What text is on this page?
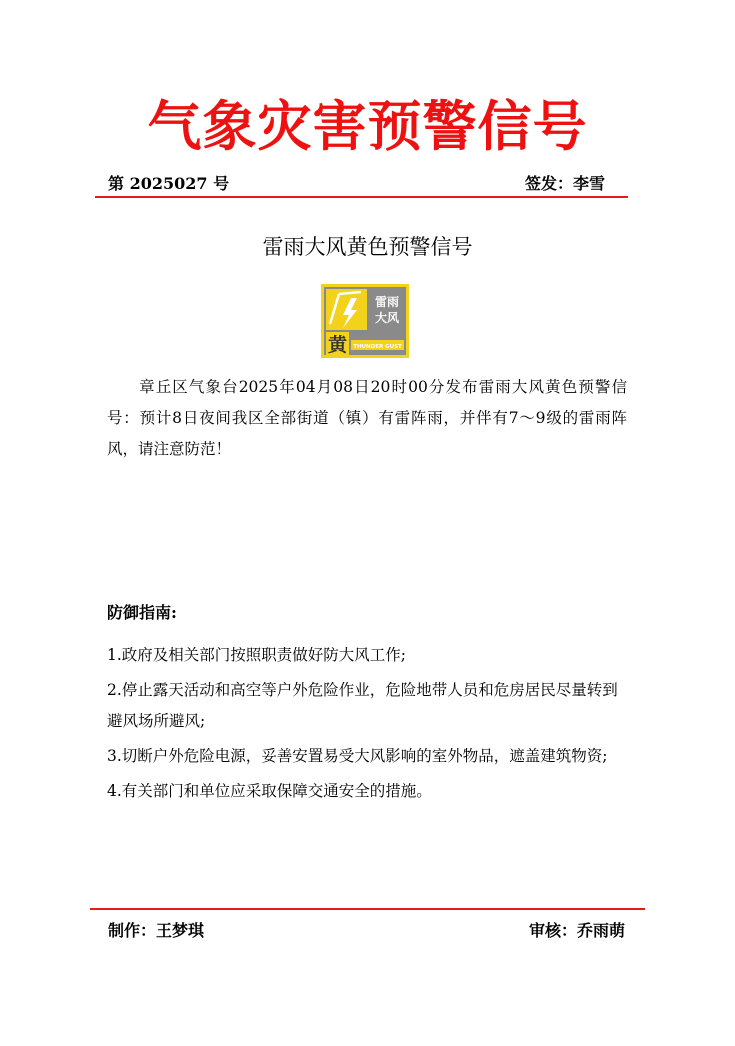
气象灾害预警信号
第 2025027 号	签发：李雪
雷雨大风黄色预警信号
雷雨
大风
黄 THUNDER GUST
章丘区气象台2025年04月08日20时00分发布雷雨大风黄色预警信号：预计8日夜间我区全部街道（镇）有雷阵雨，并伴有7～9级的雷雨阵风，请注意防范！
防御指南:
1.政府及相关部门按照职责做好防大风工作;
2.停止露天活动和高空等户外危险作业，危险地带人员和危房居民尽量转到避风场所避风;
3.切断户外危险电源，妥善安置易受大风影响的室外物品，遮盖建筑物资;
4.有关部门和单位应采取保障交通安全的措施。
制作：王梦琪	审核：乔雨萌
